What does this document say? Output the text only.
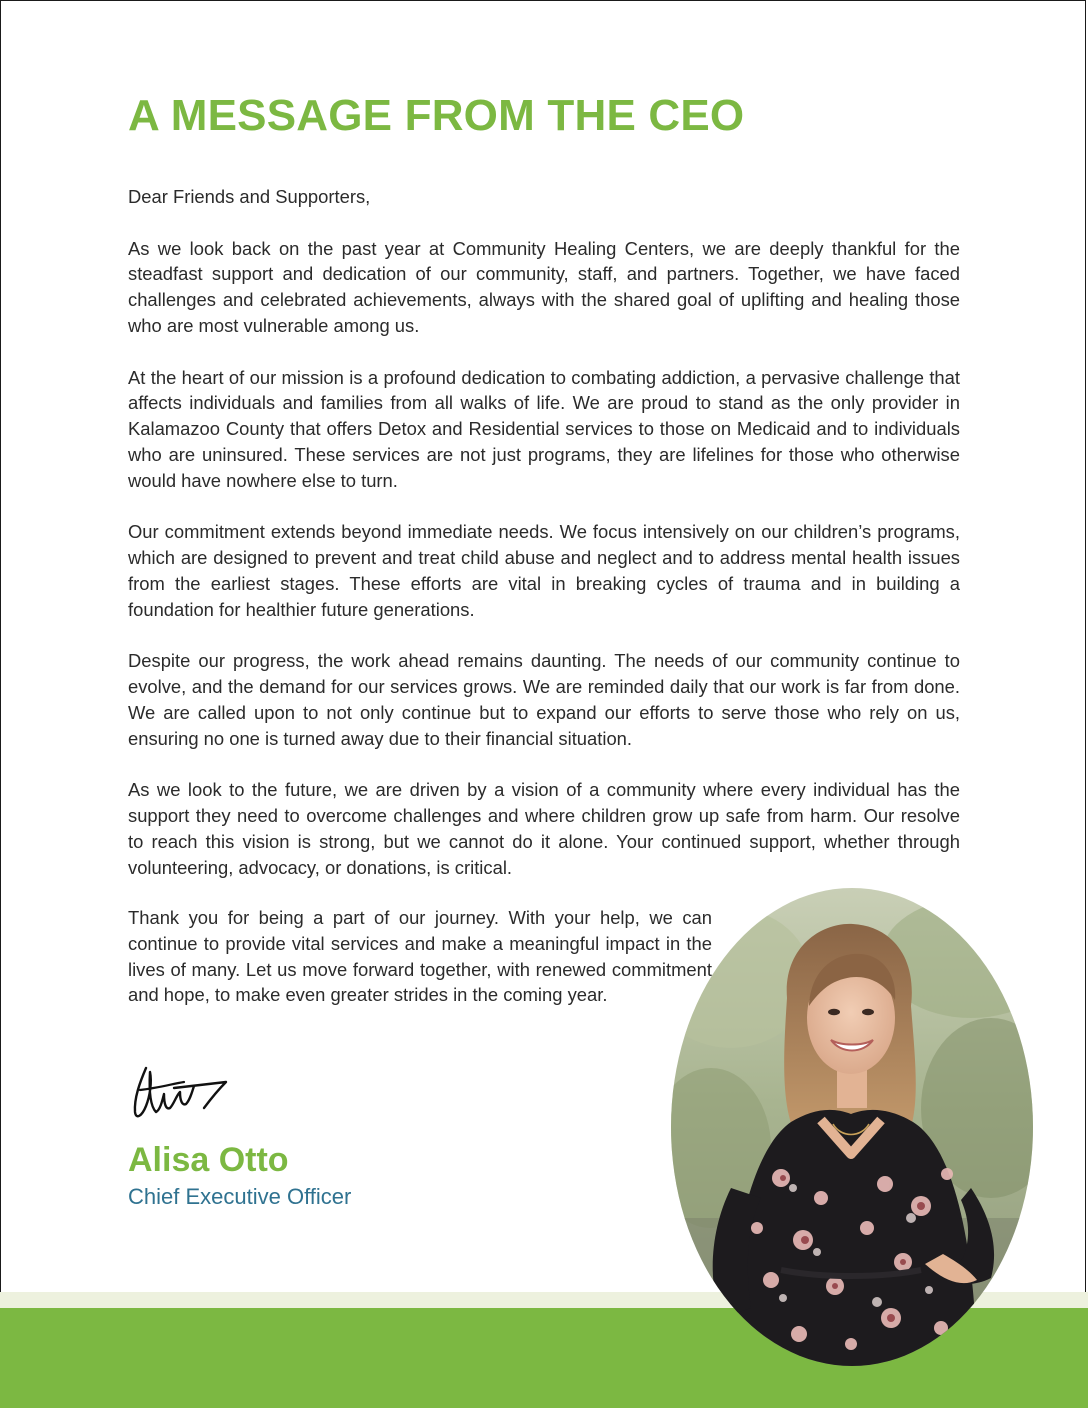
A MESSAGE FROM THE CEO

Dear Friends and Supporters,

As we look back on the past year at Community Healing Centers, we are deeply thankful for the steadfast support and dedication of our community, staff, and partners. Together, we have faced challenges and celebrated achievements, always with the shared goal of uplifting and healing those who are most vulnerable among us.

At the heart of our mission is a profound dedication to combating addiction, a pervasive challenge that affects individuals and families from all walks of life. We are proud to stand as the only provider in Kalamazoo County that offers Detox and Residential services to those on Medicaid and to individuals who are uninsured. These services are not just programs, they are lifelines for those who otherwise would have nowhere else to turn.

Our commitment extends beyond immediate needs. We focus intensively on our children’s programs, which are designed to prevent and treat child abuse and neglect and to address mental health issues from the earliest stages. These efforts are vital in breaking cycles of trauma and in building a foundation for healthier future generations.

Despite our progress, the work ahead remains daunting. The needs of our community continue to evolve, and the demand for our services grows. We are reminded daily that our work is far from done. We are called upon to not only continue but to expand our efforts to serve those who rely on us, ensuring no one is turned away due to their financial situation.

As we look to the future, we are driven by a vision of a community where every individual has the support they need to overcome challenges and where children grow up safe from harm. Our resolve to reach this vision is strong, but we cannot do it alone. Your continued support, whether through volunteering, advocacy, or donations, is critical.

Thank you for being a part of our journey. With your help, we can continue to provide vital services and make a meaningful impact in the lives of many. Let us move forward together, with renewed commitment and hope, to make even greater strides in the coming year.

Alisa Otto

Chief Executive Officer
